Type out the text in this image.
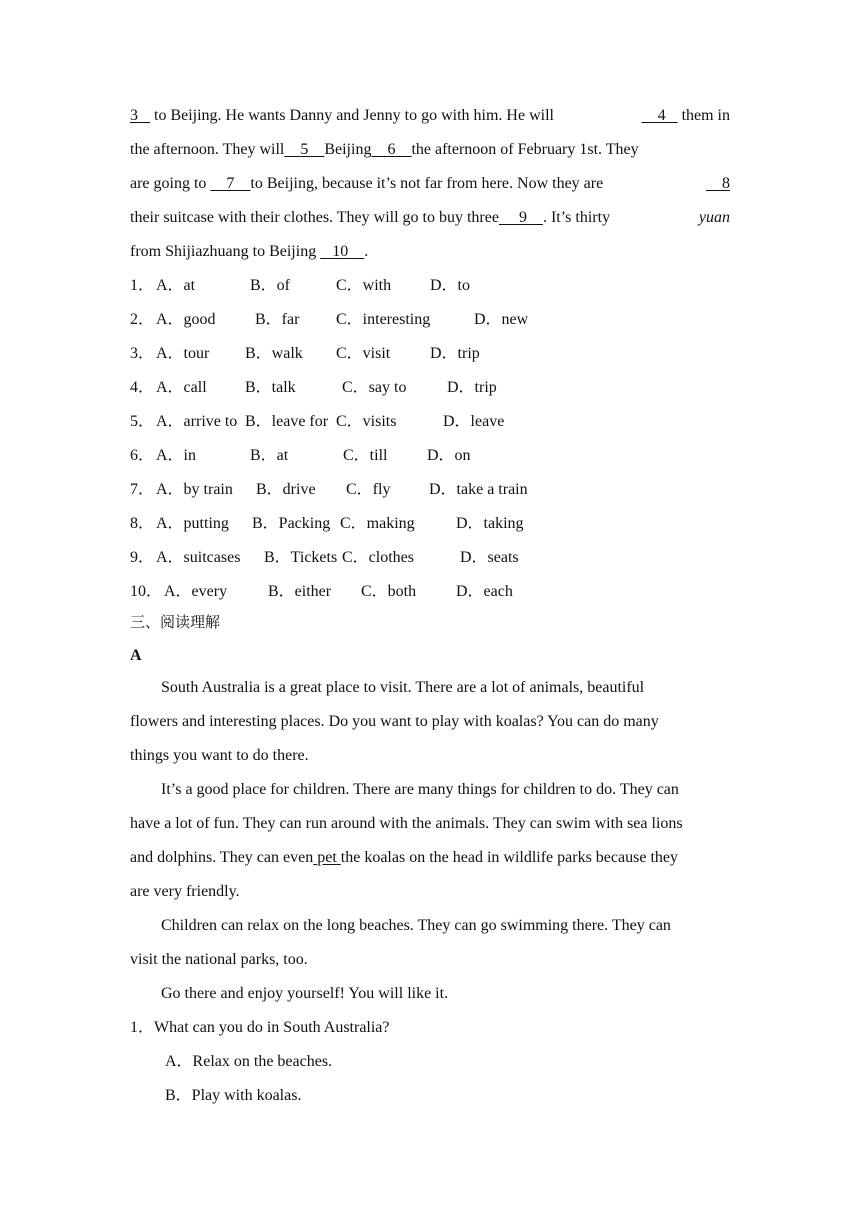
3 to Beijing. He wants Danny and Jenny to go with him. He will	4 them in
the afternoon. They will 5 Beijing 6 the afternoon of February 1st. They
are going to 7 to Beijing, because it’s not far from here. Now they are	8
their suitcase with their clothes. They will go to buy three 9 . It’s thirty	yuan
from Shijiazhuang to Beijing 10 .
1． A．at	B．of	C．with D．to
2． A．good B．far C．interesting	D．new
3． A．tour B．walk C．visit D．trip
4． A．call B．talk	C．say to	D．trip
5． A．arrive to B．leave for C．visits	D．leave
6． A．in	B．at	C．till D．on
7． A．by train B．drive C．fly D．take a train
8． A．putting B．Packing C．making	D．taking
9． A．suitcases B．Tickets C．clothes	D．seats
10． A．every	B．either C．both D．each
三、阅读理解
A
South Australia is a great place to visit. There are a lot of animals, beautiful
flowers and interesting places. Do you want to play with koalas? You can do many
things you want to do there.
It’s a good place for children. There are many things for children to do. They can
have a lot of fun. They can run around with the animals. They can swim with sea lions
and dolphins. They can even pet the koalas on the head in wildlife parks because they
are very friendly.
Children can relax on the long beaches. They can go swimming there. They can
visit the national parks, too.
Go there and enjoy yourself! You will like it.
1．What can you do in South Australia?
A．Relax on the beaches.
B．Play with koalas.
